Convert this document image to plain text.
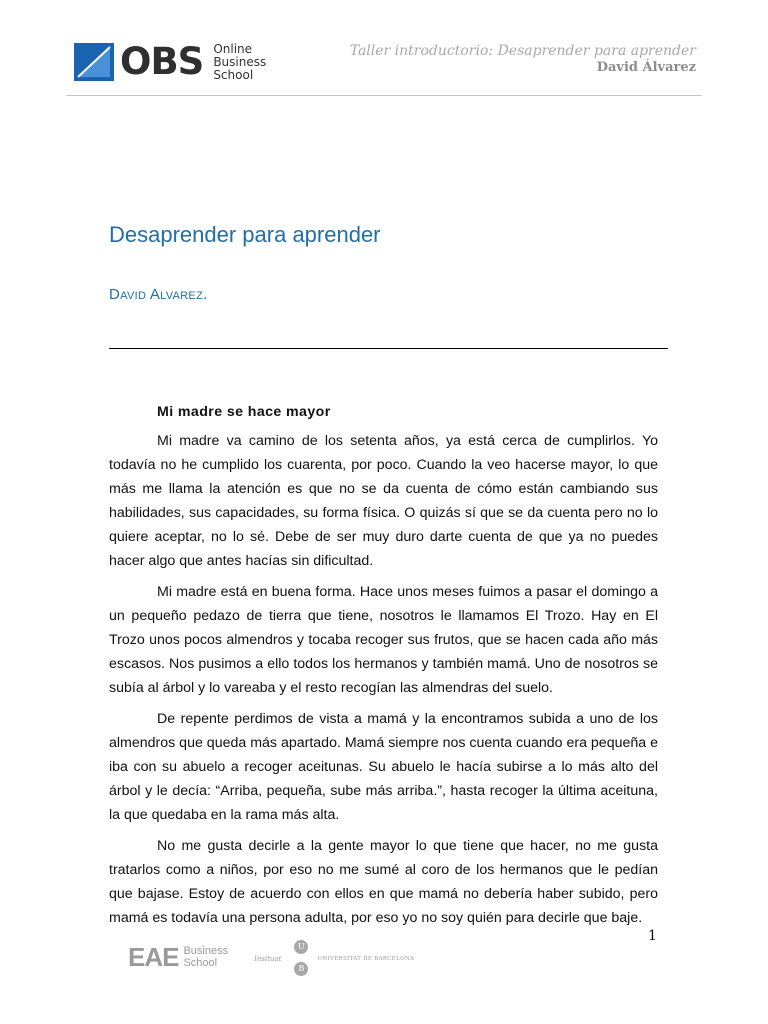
OBS Online
Business
School
Taller introductorio: Desaprender para aprender
David Álvarez
Desaprender para aprender
David Alvarez.
Mi madre se hace mayor

Mi madre va camino de los setenta años, ya está cerca de cumplirlos. Yo todavía no he cumplido los cuarenta, por poco. Cuando la veo hacerse mayor, lo que más me llama la atención es que no se da cuenta de cómo están cambiando sus habilidades, sus capacidades, su forma física. O quizás sí que se da cuenta pero no lo quiere aceptar, no lo sé. Debe de ser muy duro darte cuenta de que ya no puedes hacer algo que antes hacías sin dificultad.

Mi madre está en buena forma. Hace unos meses fuimos a pasar el domingo a un pequeño pedazo de tierra que tiene, nosotros le llamamos El Trozo. Hay en El Trozo unos pocos almendros y tocaba recoger sus frutos, que se hacen cada año más escasos. Nos pusimos a ello todos los hermanos y también mamá. Uno de nosotros se subía al árbol y lo vareaba y el resto recogían las almendras del suelo.

De repente perdimos de vista a mamá y la encontramos subida a uno de los almendros que queda más apartado. Mamá siempre nos cuenta cuando era pequeña e iba con su abuelo a recoger aceitunas. Su abuelo le hacía subirse a lo más alto del árbol y le decía: “Arriba, pequeña, sube más arriba.”, hasta recoger la última aceituna, la que quedaba en la rama más alta.

No me gusta decirle a la gente mayor lo que tiene que hacer, no me gusta tratarlos como a niños, por eso no me sumé al coro de los hermanos que le pedían que bajase. Estoy de acuerdo con ellos en que mamá no debería haber subido, pero mamá es todavía una persona adulta, por eso yo no soy quién para decirle que baje.

1
EAE Business
School	Insituat
U
B
UNIVERSITAT DE BARCELONA
